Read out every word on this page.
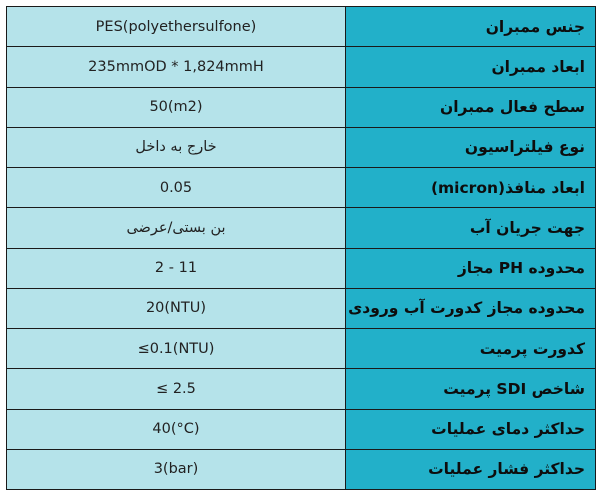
PES(polyethersulfone)	جنس ممبران
235mmOD * 1,824mmH	ابعاد ممبران
50(m2)	سطح فعال ممبران
خارج به داخل	نوع فیلتراسیون
0.05	ابعاد منافذ(micron)
بن بستی/عرضی	جهت جریان آب
2 - 11	محدوده PH مجاز
20(NTU)	محدوده مجاز کدورت آب ورودی
≤0.1(NTU)	کدورت پرمیت
≤ 2.5	شاخص SDI پرمیت
40(°C)	حداکثر دمای عملیات
3(bar)	حداکثر فشار عملیات
